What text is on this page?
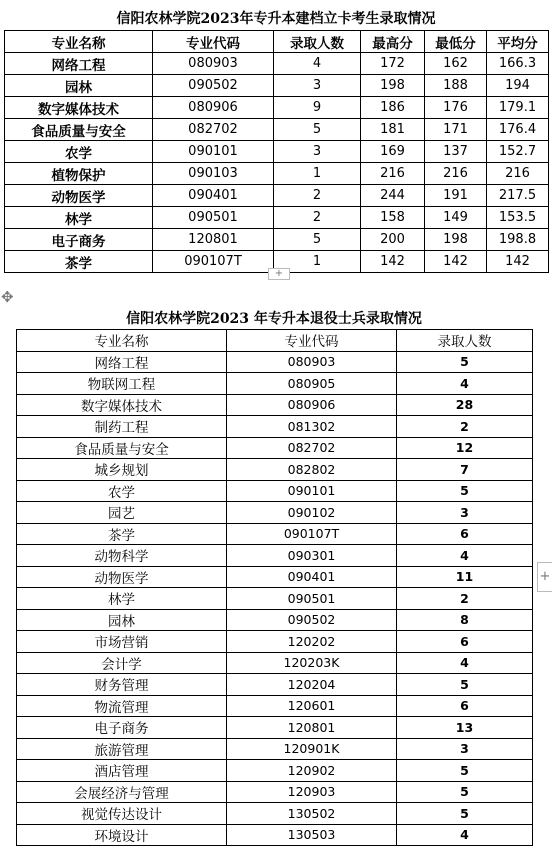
信阳农林学院2023年专升本建档立卡考生录取情况
专业名称	专业代码	录取人数	最高分	最低分	平均分
网络工程	080903	4	172	162	166.3
园林	090502	3	198	188	194
数字媒体技术	080906	9	186	176	179.1
食品质量与安全	082702	5	181	171	176.4
农学	090101	3	169	137	152.7
植物保护	090103	1	216	216	216
动物医学	090401	2	244	191	217.5
林学	090501	2	158	149	153.5
电子商务	120801	5	200	198	198.8
茶学	090107T	1	142	142	142
+
✥
信阳农林学院2023 年专升本退役士兵录取情况
专业名称	专业代码	录取人数
网络工程	080903	5
物联网工程	080905	4
数字媒体技术	080906	28
制药工程	081302	2
食品质量与安全	082702	12
城乡规划	082802	7
农学	090101	5
园艺	090102	3
茶学	090107T	6
动物科学	090301	4
动物医学	090401	11
林学	090501	2
园林	090502	8
市场营销	120202	6
会计学	120203K	4
财务管理	120204	5
物流管理	120601	6
电子商务	120801	13
旅游管理	120901K	3
酒店管理	120902	5
会展经济与管理	120903	5
视觉传达设计	130502	5
环境设计	130503	4
+
